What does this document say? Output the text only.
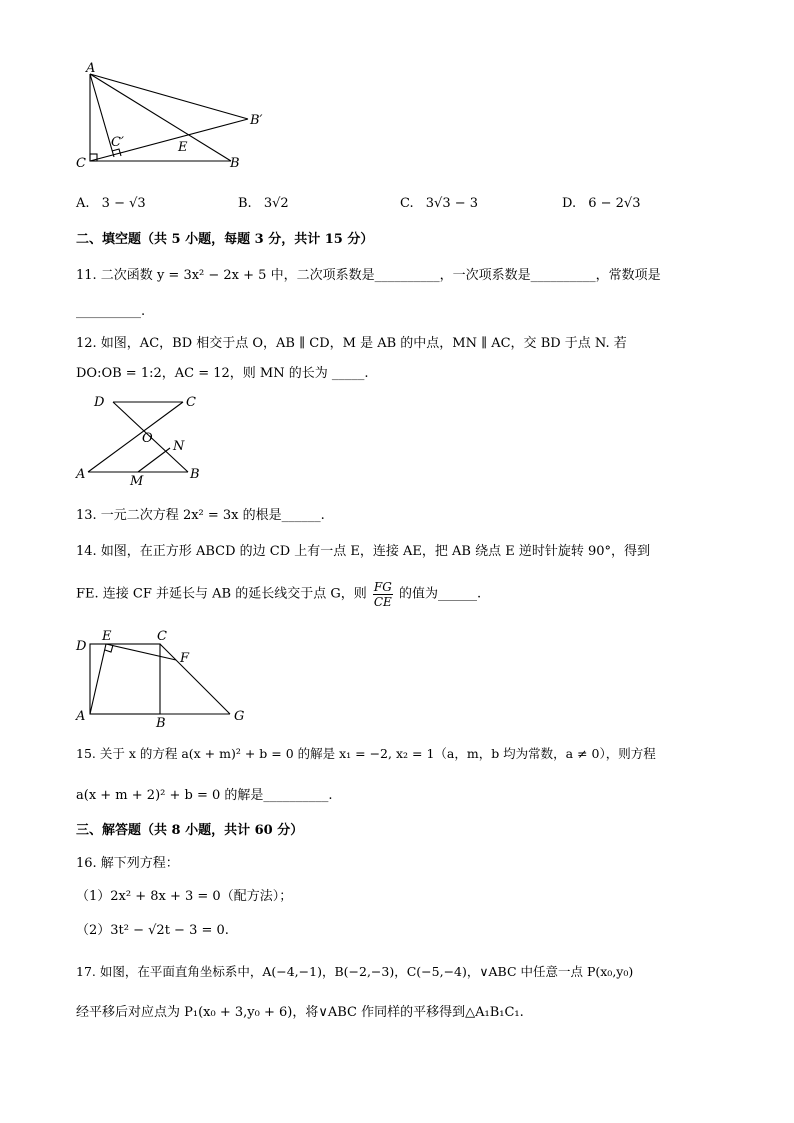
A
B′
C′	E
C	B
A. 3 − √3	B. 3√2	C. 3√3 − 3	D. 6 − 2√3
二、填空题（共 5 小题，每题 3 分，共计 15 分）
11. 二次函数 y = 3x² − 2x + 5 中，二次项系数是__________，一次项系数是__________，常数项是
__________.
12. 如图，AC，BD 相交于点 O，AB ∥ CD，M 是 AB 的中点，MN ∥ AC，交 BD 于点 N. 若
DO:OB = 1:2，AC = 12，则 MN 的长为 _____.
D	C
O
N
A	M	B
13. 一元二次方程 2x² = 3x 的根是______.
14. 如图，在正方形 ABCD 的边 CD 上有一点 E，连接 AE，把 AB 绕点 E 逆时针旋转 90°，得到
FE. 连接 CF 并延长与 AB 的延长线交于点 G，则 $\frac{FG}{CE}$ 的值为______.
D
E	C
F
A	B	G
15. 关于 x 的方程 a(x + m)² + b = 0 的解是 x₁ = −2, x₂ = 1（a，m，b 均为常数，a ≠ 0），则方程
a(x + m + 2)² + b = 0 的解是__________.
三、解答题（共 8 小题，共计 60 分）
16. 解下列方程：
（1）2x² + 8x + 3 = 0（配方法）；
（2）3t² − √2t − 3 = 0.
17. 如图，在平面直角坐标系中，A(−4,−1)，B(−2,−3)，C(−5,−4)，∨ABC 中任意一点 P(x₀,y₀)
经平移后对应点为 P₁(x₀ + 3,y₀ + 6)，将∨ABC 作同样的平移得到△A₁B₁C₁.
